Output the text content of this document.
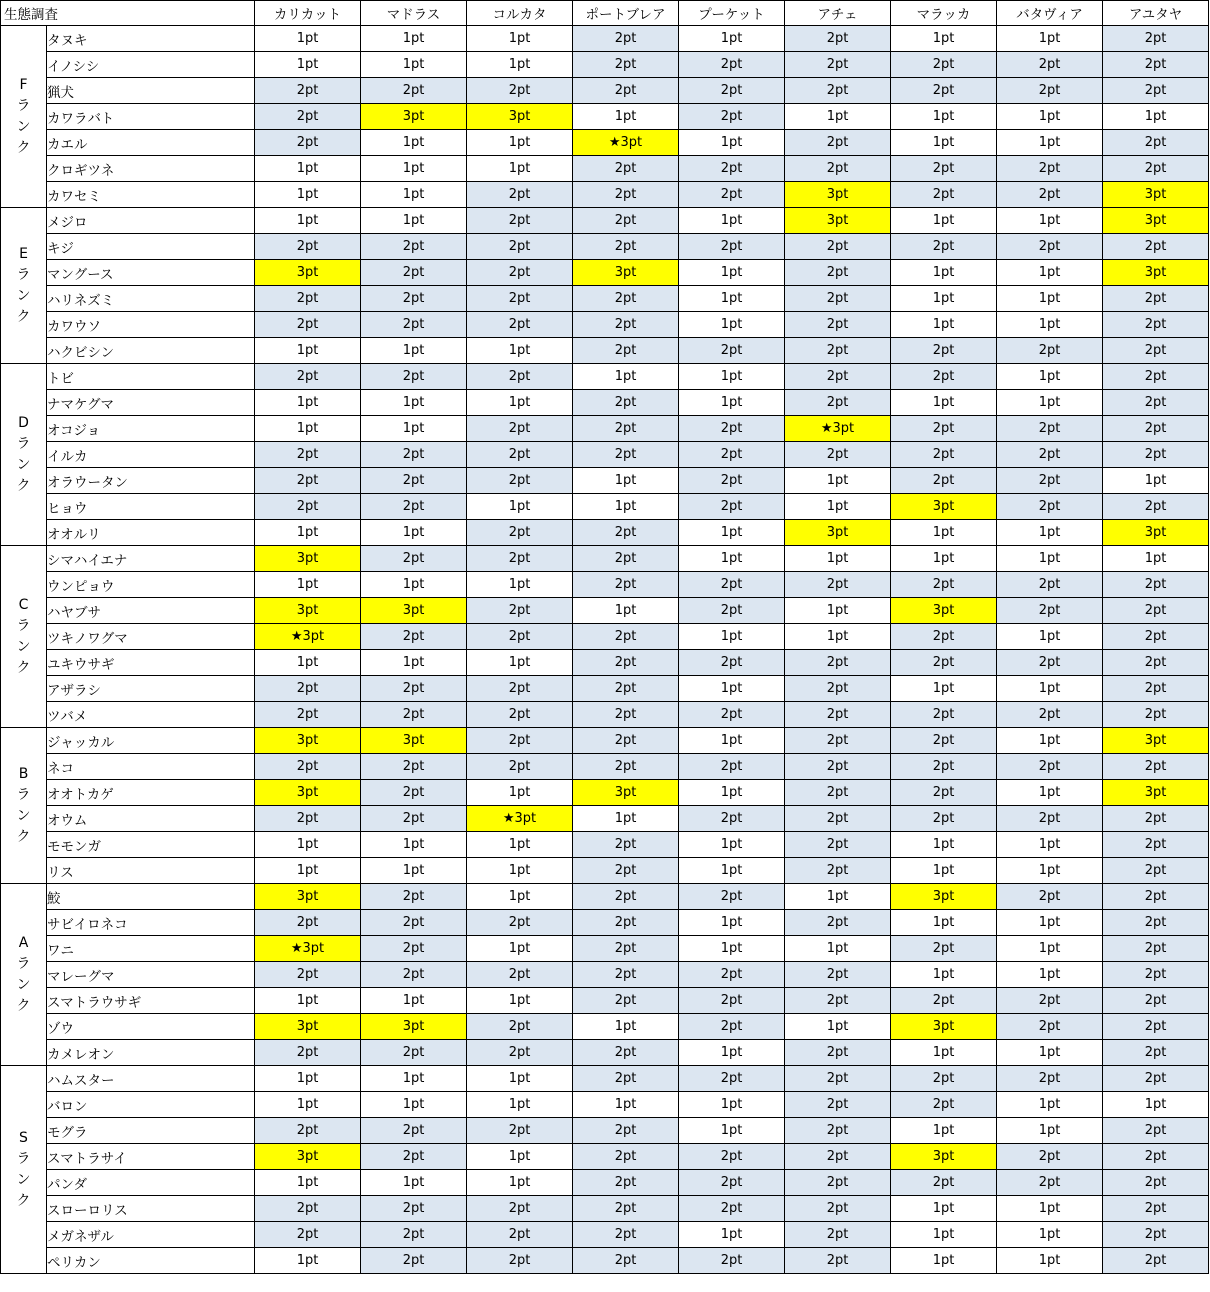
生態調査		カリカット	マドラス	コルカタ	ポートブレア	プーケット	アチェ	マラッカ	バタヴィア	アユタヤ
F
ラ
ン
ク	タヌキ	1pt	1pt	1pt	2pt	1pt	2pt	1pt	1pt	2pt
	イノシシ	1pt	1pt	1pt	2pt	2pt	2pt	2pt	2pt	2pt
	猟犬	2pt	2pt	2pt	2pt	2pt	2pt	2pt	2pt	2pt
	カワラバト	2pt	3pt	3pt	1pt	2pt	1pt	1pt	1pt	1pt
	カエル	2pt	1pt	1pt	★3pt	1pt	2pt	1pt	1pt	2pt
	クロギツネ	1pt	1pt	1pt	2pt	2pt	2pt	2pt	2pt	2pt
	カワセミ	1pt	1pt	2pt	2pt	2pt	3pt	2pt	2pt	3pt
E
ラ
ン
ク	メジロ	1pt	1pt	2pt	2pt	1pt	3pt	1pt	1pt	3pt
	キジ	2pt	2pt	2pt	2pt	2pt	2pt	2pt	2pt	2pt
	マングース	3pt	2pt	2pt	3pt	1pt	2pt	1pt	1pt	3pt
	ハリネズミ	2pt	2pt	2pt	2pt	1pt	2pt	1pt	1pt	2pt
	カワウソ	2pt	2pt	2pt	2pt	1pt	2pt	1pt	1pt	2pt
	ハクビシン	1pt	1pt	1pt	2pt	2pt	2pt	2pt	2pt	2pt
D
ラ
ン
ク	トビ	2pt	2pt	2pt	1pt	1pt	2pt	2pt	1pt	2pt
	ナマケグマ	1pt	1pt	1pt	2pt	1pt	2pt	1pt	1pt	2pt
	オコジョ	1pt	1pt	2pt	2pt	2pt	★3pt	2pt	2pt	2pt
	イルカ	2pt	2pt	2pt	2pt	2pt	2pt	2pt	2pt	2pt
	オラウータン	2pt	2pt	2pt	1pt	2pt	1pt	2pt	2pt	1pt
	ヒョウ	2pt	2pt	1pt	1pt	2pt	1pt	3pt	2pt	2pt
	オオルリ	1pt	1pt	2pt	2pt	1pt	3pt	1pt	1pt	3pt
C
ラ
ン
ク	シマハイエナ	3pt	2pt	2pt	2pt	1pt	1pt	1pt	1pt	1pt
	ウンピョウ	1pt	1pt	1pt	2pt	2pt	2pt	2pt	2pt	2pt
	ハヤブサ	3pt	3pt	2pt	1pt	2pt	1pt	3pt	2pt	2pt
	ツキノワグマ	★3pt	2pt	2pt	2pt	1pt	1pt	2pt	1pt	2pt
	ユキウサギ	1pt	1pt	1pt	2pt	2pt	2pt	2pt	2pt	2pt
	アザラシ	2pt	2pt	2pt	2pt	1pt	2pt	1pt	1pt	2pt
	ツバメ	2pt	2pt	2pt	2pt	2pt	2pt	2pt	2pt	2pt
B
ラ
ン
ク	ジャッカル	3pt	3pt	2pt	2pt	1pt	2pt	2pt	1pt	3pt
	ネコ	2pt	2pt	2pt	2pt	2pt	2pt	2pt	2pt	2pt
	オオトカゲ	3pt	2pt	1pt	3pt	1pt	2pt	2pt	1pt	3pt
	オウム	2pt	2pt	★3pt	1pt	2pt	2pt	2pt	2pt	2pt
	モモンガ	1pt	1pt	1pt	2pt	1pt	2pt	1pt	1pt	2pt
	リス	1pt	1pt	1pt	2pt	1pt	2pt	1pt	1pt	2pt
A
ラ
ン
ク	鮫	3pt	2pt	1pt	2pt	2pt	1pt	3pt	2pt	2pt
	サビイロネコ	2pt	2pt	2pt	2pt	1pt	2pt	1pt	1pt	2pt
	ワニ	★3pt	2pt	1pt	2pt	1pt	1pt	2pt	1pt	2pt
	マレーグマ	2pt	2pt	2pt	2pt	2pt	2pt	1pt	1pt	2pt
	スマトラウサギ	1pt	1pt	1pt	2pt	2pt	2pt	2pt	2pt	2pt
	ゾウ	3pt	3pt	2pt	1pt	2pt	1pt	3pt	2pt	2pt
	カメレオン	2pt	2pt	2pt	2pt	1pt	2pt	1pt	1pt	2pt
S
ラ
ン
ク	ハムスター	1pt	1pt	1pt	2pt	2pt	2pt	2pt	2pt	2pt
	バロン	1pt	1pt	1pt	1pt	1pt	2pt	2pt	1pt	1pt
	モグラ	2pt	2pt	2pt	2pt	1pt	2pt	1pt	1pt	2pt
	スマトラサイ	3pt	2pt	1pt	2pt	2pt	2pt	3pt	2pt	2pt
	パンダ	1pt	1pt	1pt	2pt	2pt	2pt	2pt	2pt	2pt
	スローロリス	2pt	2pt	2pt	2pt	2pt	2pt	1pt	1pt	2pt
	メガネザル	2pt	2pt	2pt	2pt	1pt	2pt	1pt	1pt	2pt
	ペリカン	1pt	2pt	2pt	2pt	2pt	2pt	1pt	1pt	2pt
